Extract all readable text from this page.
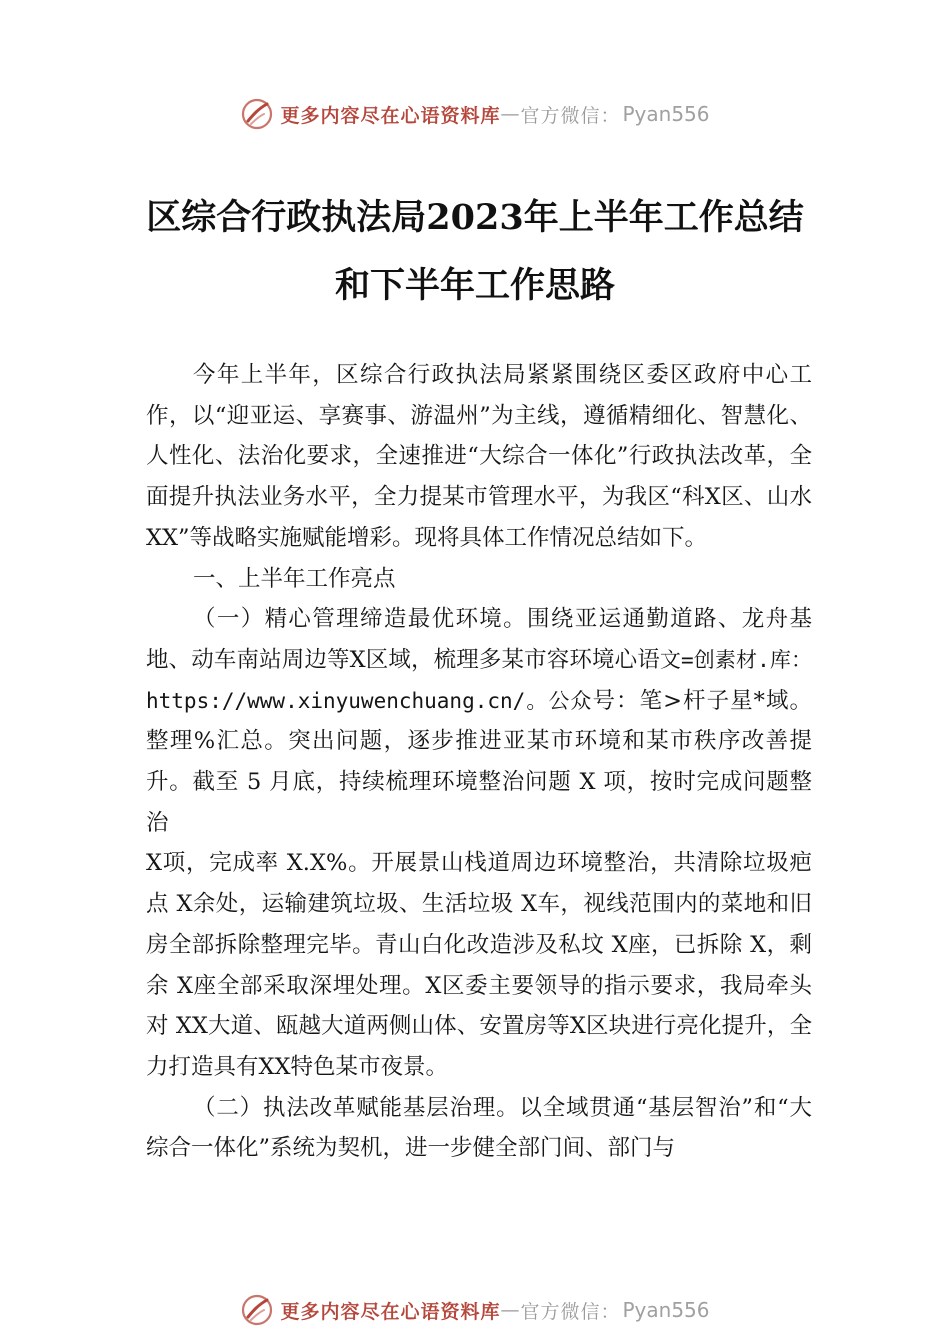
更多内容尽在心语资料库 — 官方微信： Pyan556
区综合行政执法局2023年上半年工作总结
和下半年工作思路

今年上半年，区综合行政执法局紧紧围绕区委区政府中心工作，以“迎亚运、享赛事、游温州”为主线，遵循精细化、智慧化、人性化、法治化要求，全速推进“大综合一体化”行政执法改革，全面提升执法业务水平，全力提某市管理水平，为我区“科X区、山水 XX”等战略实施赋能增彩。现将具体工作情况总结如下。

一、上半年工作亮点

（一）精心管理缔造最优环境。围绕亚运通勤道路、龙舟基地、动车南站周边等X区域，梳理多某市容环境心语文=创素材.库：https://www.xinyuwenchuang.cn/。公众号：笔>杆子星*域。整理%汇总。突出问题，逐步推进亚某市环境和某市秩序改善提升。截至 5 月底，持续梳理环境整治问题 X 项，按时完成问题整治
X项，完成率 X.X%。开展景山栈道周边环境整治，共清除垃圾疤点 X余处，运输建筑垃圾、生活垃圾 X车，视线范围内的菜地和旧房全部拆除整理完毕。青山白化改造涉及私坟 X座，已拆除 X，剩余 X座全部采取深埋处理。X区委主要领导的指示要求，我局牵头对 XX大道、瓯越大道两侧山体、安置房等X区块进行亮化提升，全力打造具有XX特色某市夜景。

（二）执法改革赋能基层治理。以全域贯通“基层智治”和“大综合一体化”系统为契机，进一步健全部门间、部门与

更多内容尽在心语资料库 — 官方微信： Pyan556
